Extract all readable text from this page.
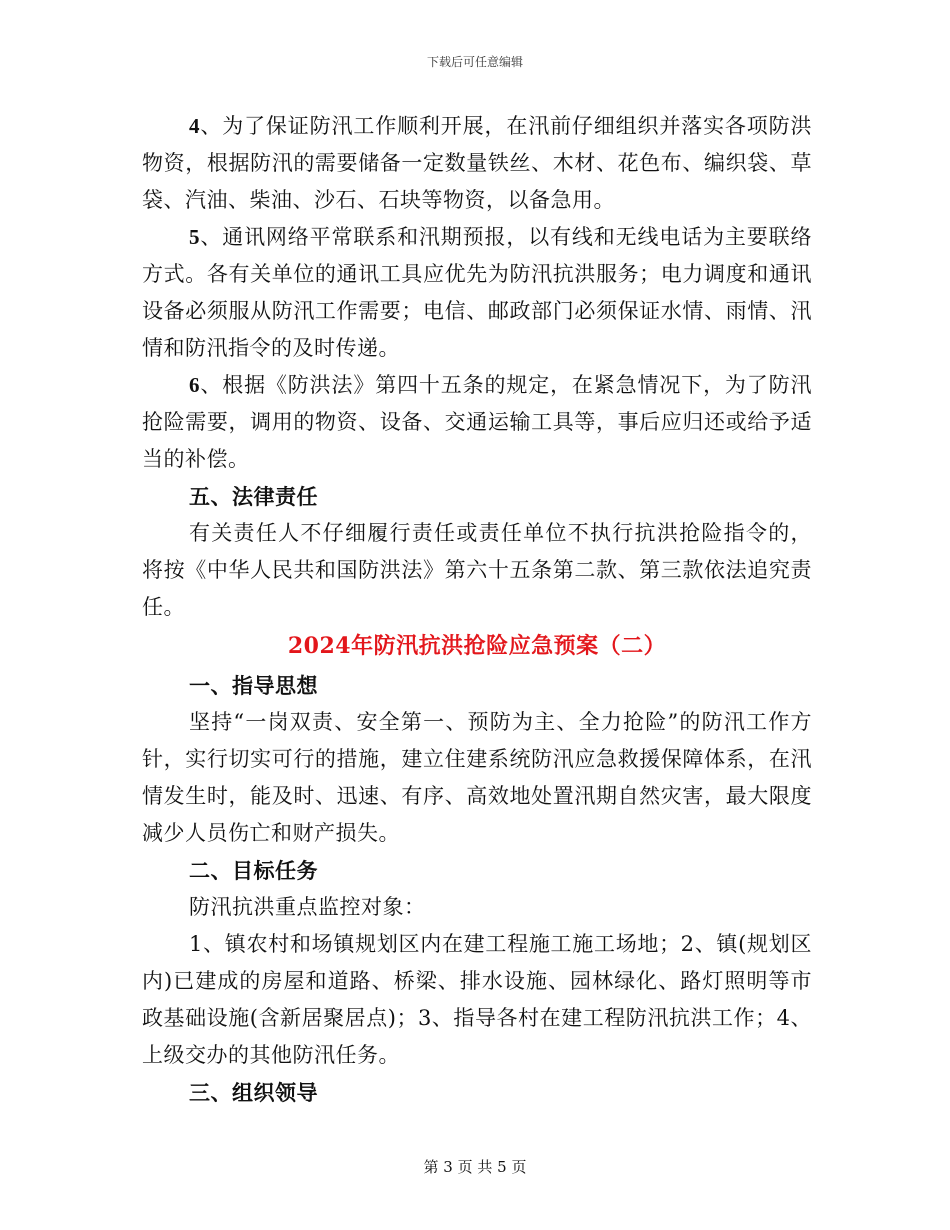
下载后可任意编辑

4、为了保证防汛工作顺利开展，在汛前仔细组织并落实各项防洪物资，根据防汛的需要储备一定数量铁丝、木材、花色布、编织袋、草袋、汽油、柴油、沙石、石块等物资，以备急用。

5、通讯网络平常联系和汛期预报，以有线和无线电话为主要联络方式。各有关单位的通讯工具应优先为防汛抗洪服务；电力调度和通讯设备必须服从防汛工作需要；电信、邮政部门必须保证水情、雨情、汛情和防汛指令的及时传递。

6、根据《防洪法》第四十五条的规定，在紧急情况下，为了防汛抢险需要，调用的物资、设备、交通运输工具等，事后应归还或给予适当的补偿。

五、法律责任

有关责任人不仔细履行责任或责任单位不执行抗洪抢险指令的，将按《中华人民共和国防洪法》第六十五条第二款、第三款依法追究责任。

2024年防汛抗洪抢险应急预案（二）

一、指导思想

坚持“一岗双责、安全第一、预防为主、全力抢险”的防汛工作方针，实行切实可行的措施，建立住建系统防汛应急救援保障体系，在汛情发生时，能及时、迅速、有序、高效地处置汛期自然灾害，最大限度减少人员伤亡和财产损失。

二、目标任务

防汛抗洪重点监控对象：

1、镇农村和场镇规划区内在建工程施工施工场地；2、镇(规划区内)已建成的房屋和道路、桥梁、排水设施、园林绿化、路灯照明等市政基础设施(含新居聚居点)；3、指导各村在建工程防汛抗洪工作；4、上级交办的其他防汛任务。

三、组织领导

第 3 页 共 5 页
